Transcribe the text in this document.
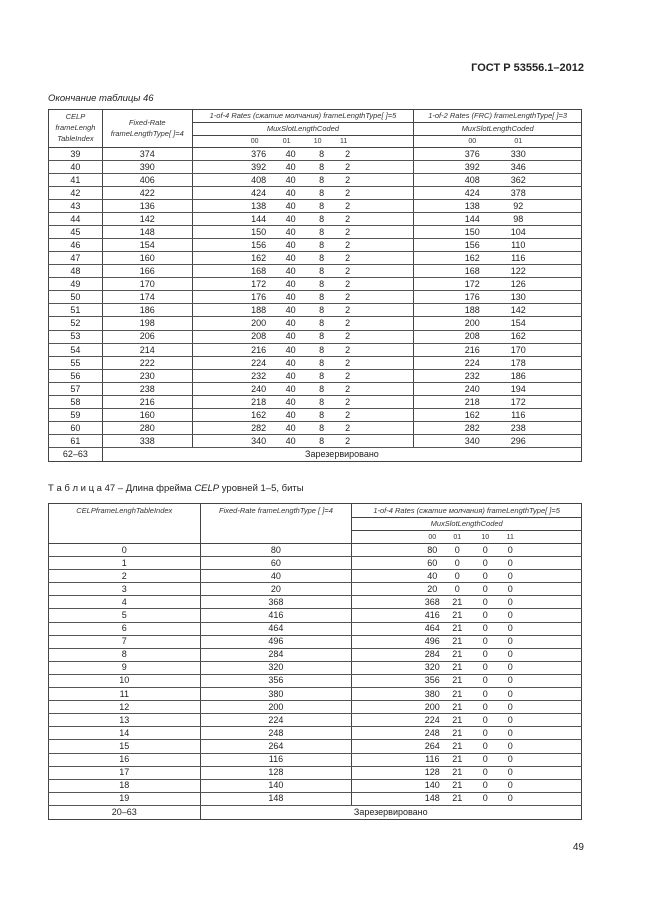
ГОСТ Р 53556.1–2012
Окончание таблицы 46
CELP
frameLengh
TableIndex	Fixed-Rate
frameLengthType[ ]=4	1-of-4 Rates (сжатие молчания) frameLengthType[ ]=5	1-of-2 Rates (FRC) frameLengthType[ ]=3
		MuxSlotLengthCoded	MuxSlotLengthCoded

		00 01 10 11	00 01

39	374	376 40 8 2	376 330

40	390	392 40 8 2	392 346

41	406	408 40 8 2	408 362

42	422	424 40 8 2	424 378

43	136	138 40 8 2	138 92

44	142	144 40 8 2	144 98

45	148	150 40 8 2	150 104

46	154	156 40 8 2	156 110

47	160	162 40 8 2	162 116

48	166	168 40 8 2	168 122

49	170	172 40 8 2	172 126

50	174	176 40 8 2	176 130

51	186	188 40 8 2	188 142

52	198	200 40 8 2	200 154

53	206	208 40 8 2	208 162

54	214	216 40 8 2	216 170

55	222	224 40 8 2	224 178

56	230	232 40 8 2	232 186

57	238	240 40 8 2	240 194

58	216	218 40 8 2	218 172

59	160	162 40 8 2	162 116

60	280	282 40 8 2	282 238

61	338	340 40 8 2	340 296

62–63	Зарезервировано		
Т а б л и ц а 47 – Длина фрейма CELP уровней 1–5, биты
CELPframeLenghTableIndex	Fixed-Rate frameLengthType [ ]=4	1-of-4 Rates (сжатие молчания) frameLengthType[ ]=5
		MuxSlotLengthCoded

		00 01 10 11

0	80	80 0 0 0

1	60	60 0 0 0

2	40	40 0 0 0

3	20	20 0 0 0

4	368	368 21 0 0

5	416	416 21 0 0

6	464	464 21 0 0

7	496	496 21 0 0

8	284	284 21 0 0

9	320	320 21 0 0

10	356	356 21 0 0

11	380	380 21 0 0

12	200	200 21 0 0

13	224	224 21 0 0

14	248	248 21 0 0

15	264	264 21 0 0

16	116	116 21 0 0

17	128	128 21 0 0

18	140	140 21 0 0

19	148	148 21 0 0

20–63	Зарезервировано	
49
